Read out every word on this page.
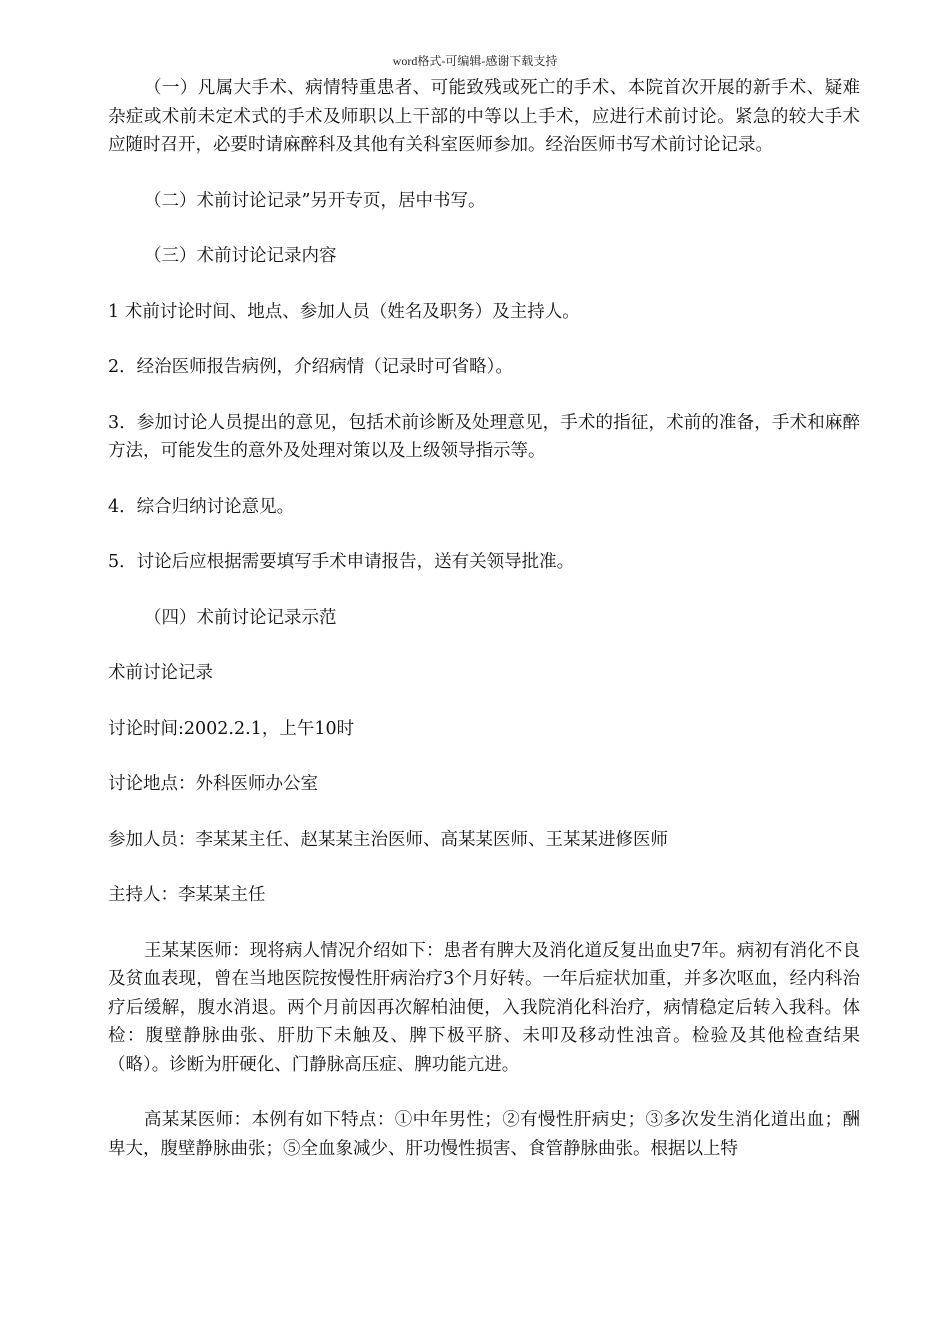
word格式-可编辑-感谢下载支持

（一）凡属大手术、病情特重患者、可能致残或死亡的手术、本院首次开展的新手术、疑难杂症或术前未定术式的手术及师职以上干部的中等以上手术，应进行术前讨论。紧急的较大手术应随时召开，必要时请麻醉科及其他有关科室医师参加。经治医师书写术前讨论记录。

（二）术前讨论记录”另开专页，居中书写。

（三）术前讨论记录内容

1 术前讨论时间、地点、参加人员（姓名及职务）及主持人。

2．经治医师报告病例，介绍病情（记录时可省略）。

3．参加讨论人员提出的意见，包括术前诊断及处理意见，手术的指征，术前的准备，手术和麻醉方法，可能发生的意外及处理对策以及上级领导指示等。

4．综合归纳讨论意见。

5．讨论后应根据需要填写手术申请报告，送有关领导批准。

（四）术前讨论记录示范

术前讨论记录

讨论时间:2002.2.1，上午10时

讨论地点：外科医师办公室

参加人员：李某某主任、赵某某主治医师、高某某医师、王某某进修医师

主持人：李某某主任

王某某医师：现将病人情况介绍如下：患者有脾大及消化道反复出血史7年。病初有消化不良及贫血表现，曾在当地医院按慢性肝病治疗3个月好转。一年后症状加重，并多次呕血，经内科治疗后缓解，腹水消退。两个月前因再次解柏油便，入我院消化科治疗，病情稳定后转入我科。体检：腹壁静脉曲张、肝肋下未触及、脾下极平脐、未叩及移动性浊音。检验及其他检查结果（略）。诊断为肝硬化、门静脉高压症、脾功能亢进。

高某某医师：本例有如下特点：①中年男性；②有慢性肝病史；③多次发生消化道出血；酬卑大，腹壁静脉曲张；⑤全血象减少、肝功慢性损害、食管静脉曲张。根据以上特
